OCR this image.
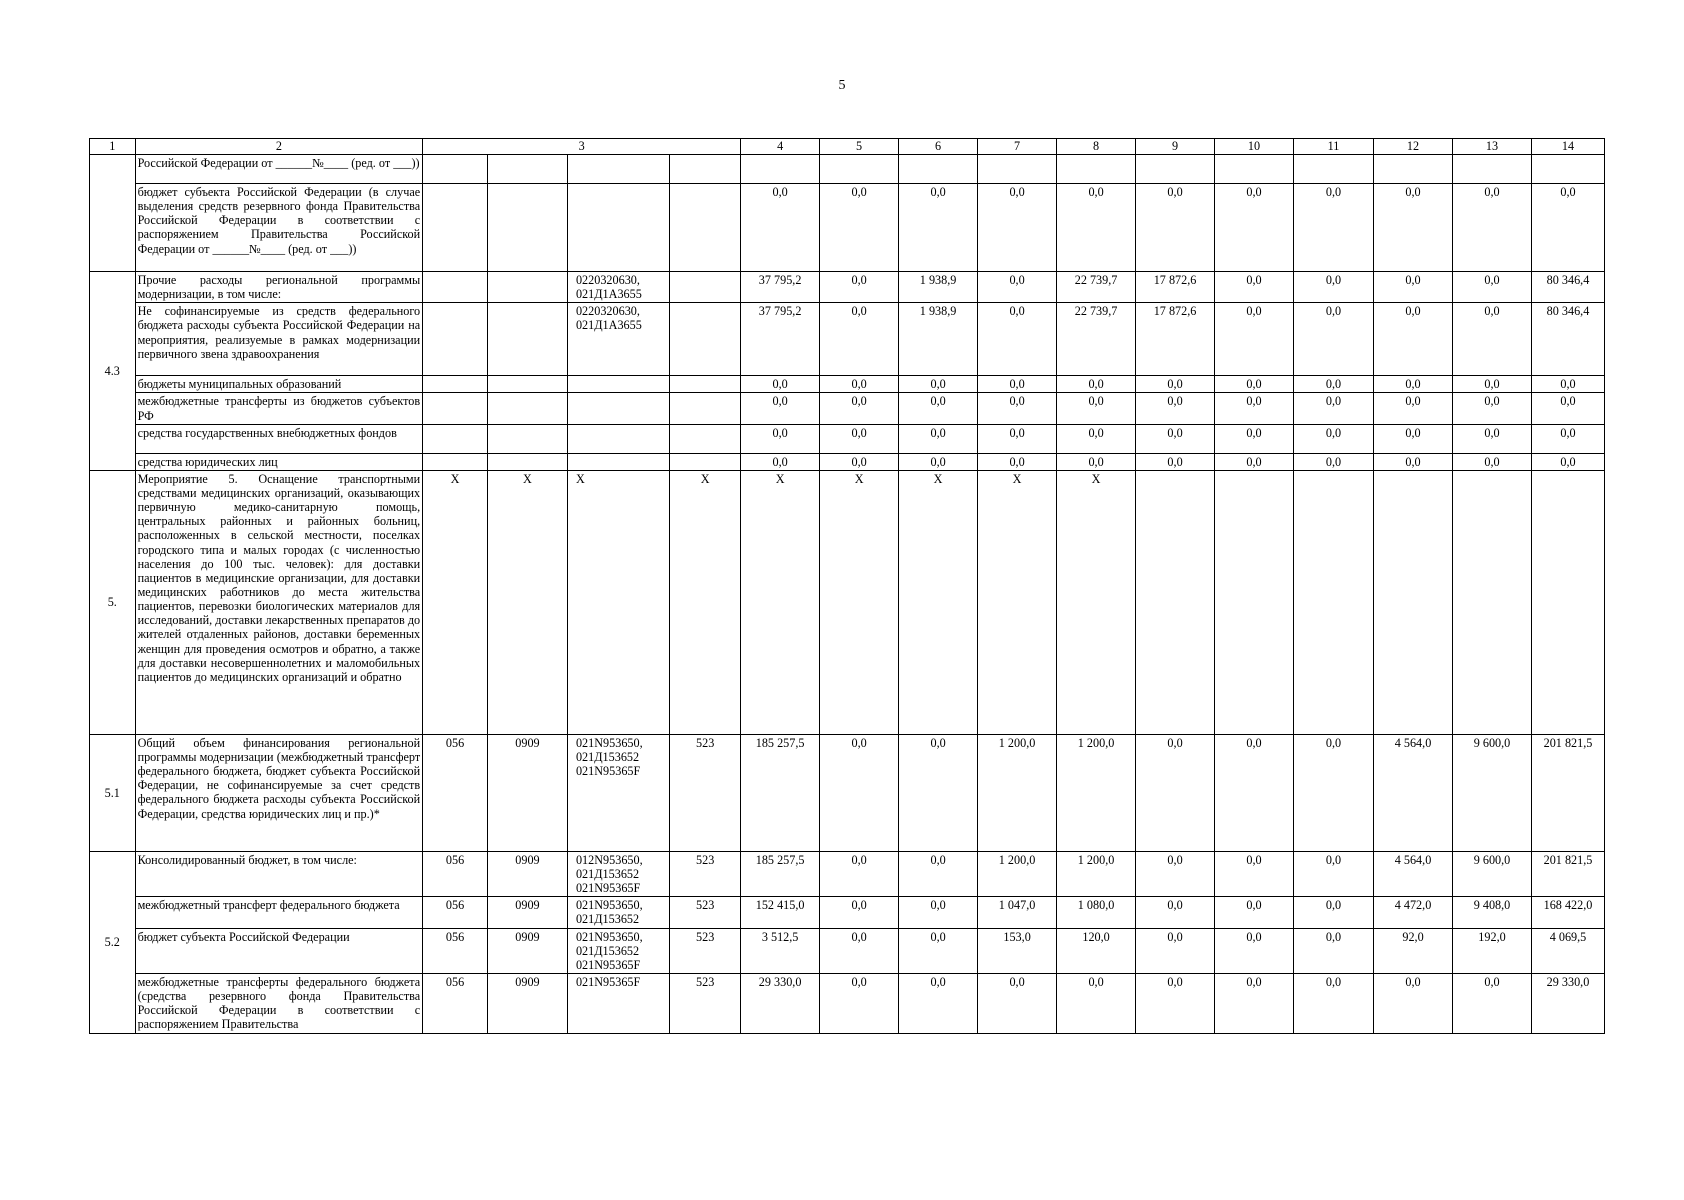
5
1	2	3				4	5	6	7	8	9	10	11	12	13	14
	Российской Федерации от ______№____ (ред. от ___))															
	бюджет субъекта Российской Федерации (в случае выделения средств резервного фонда Правительства Российской Федерации в соответствии с распоряжением Правительства Российской Федерации от ______№____ (ред. от ___))					0,0	0,0	0,0	0,0	0,0	0,0	0,0	0,0	0,0	0,0	0,0
4.3	Прочие расходы региональной программы модернизации, в том числе:			0220320630, 021Д1А3655		37 795,2	0,0	1 938,9	0,0	22 739,7	17 872,6	0,0	0,0	0,0	0,0	80 346,4
	Не софинансируемые из средств федерального бюджета расходы субъекта Российской Федерации на мероприятия, реализуемые в рамках модернизации первичного звена здравоохранения			0220320630, 021Д1А3655		37 795,2	0,0	1 938,9	0,0	22 739,7	17 872,6	0,0	0,0	0,0	0,0	80 346,4
	бюджеты муниципальных образований					0,0	0,0	0,0	0,0	0,0	0,0	0,0	0,0	0,0	0,0	0,0
	межбюджетные трансферты из бюджетов субъектов РФ					0,0	0,0	0,0	0,0	0,0	0,0	0,0	0,0	0,0	0,0	0,0
	средства государственных внебюджетных фондов					0,0	0,0	0,0	0,0	0,0	0,0	0,0	0,0	0,0	0,0	0,0
	средства юридических лиц					0,0	0,0	0,0	0,0	0,0	0,0	0,0	0,0	0,0	0,0	0,0
5.	Мероприятие 5. Оснащение транспортными средствами медицинских организаций, оказывающих первичную медико-санитарную помощь, центральных районных и районных больниц, расположенных в сельской местности, поселках городского типа и малых городах (с численностью населения до 100 тыс. человек): для доставки пациентов в медицинские организации, для доставки медицинских работников до места жительства пациентов, перевозки биологических материалов для исследований, доставки лекарственных препаратов до жителей отдаленных районов, доставки беременных женщин для проведения осмотров и обратно, а также для доставки несовершеннолетних и маломобильных пациентов до медицинских организаций и обратно	X	X	X	X	X	X	X	X	X						
5.1	Общий объем финансирования региональной программы модернизации (межбюджетный трансферт федерального бюджета, бюджет субъекта Российской Федерации, не софинансируемые за счет средств федерального бюджета расходы субъекта Российской Федерации, средства юридических лиц и пр.)*	056	0909	021N953650, 021Д153652 021N95365F	523	185 257,5	0,0	0,0	1 200,0	1 200,0	0,0	0,0	0,0	4 564,0	9 600,0	201 821,5
5.2	Консолидированный бюджет, в том числе:	056	0909	012N953650, 021Д153652 021N95365F	523	185 257,5	0,0	0,0	1 200,0	1 200,0	0,0	0,0	0,0	4 564,0	9 600,0	201 821,5
	межбюджетный трансферт федерального бюджета	056	0909	021N953650, 021Д153652	523	152 415,0	0,0	0,0	1 047,0	1 080,0	0,0	0,0	0,0	4 472,0	9 408,0	168 422,0
	бюджет субъекта Российской Федерации	056	0909	021N953650, 021Д153652 021N95365F	523	3 512,5	0,0	0,0	153,0	120,0	0,0	0,0	0,0	92,0	192,0	4 069,5
	межбюджетные трансферты федерального бюджета (средства резервного фонда Правительства Российской Федерации в соответствии с распоряжением Правительства	056	0909	021N95365F	523	29 330,0	0,0	0,0	0,0	0,0	0,0	0,0	0,0	0,0	0,0	29 330,0
